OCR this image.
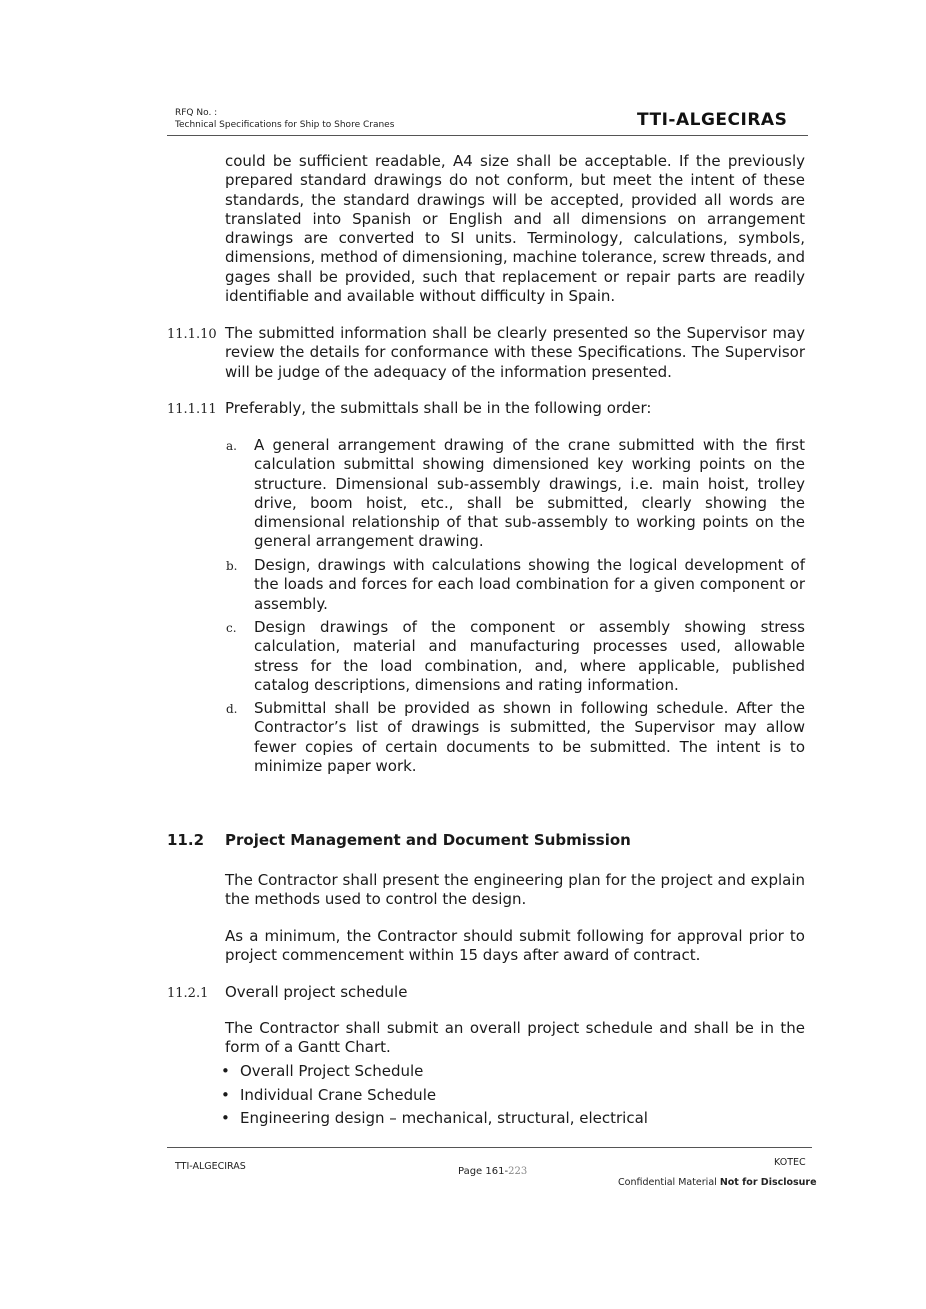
RFQ No. :
Technical Specifications for Ship to Shore Cranes	TTI-ALGECIRAS
could be sufficient readable, A4 size shall be acceptable. If the previously prepared standard drawings do not conform, but meet the intent of these standards, the standard drawings will be accepted, provided all words are translated into Spanish or English and all dimensions on arrangement drawings are converted to SI units. Terminology, calculations, symbols, dimensions, method of dimensioning, machine tolerance, screw threads, and gages shall be provided, such that replacement or repair parts are readily identifiable and available without difficulty in Spain.
11.1.10 The submitted information shall be clearly presented so the Supervisor may review the details for conformance with these Specifications. The Supervisor will be judge of the adequacy of the information presented.
11.1.11 Preferably, the submittals shall be in the following order:
a. A general arrangement drawing of the crane submitted with the first calculation submittal showing dimensioned key working points on the structure. Dimensional sub-assembly drawings, i.e. main hoist, trolley drive, boom hoist, etc., shall be submitted, clearly showing the dimensional relationship of that sub-assembly to working points on the general arrangement drawing.
b. Design, drawings with calculations showing the logical development of the loads and forces for each load combination for a given component or assembly.
c. Design drawings of the component or assembly showing stress calculation, material and manufacturing processes used, allowable stress for the load combination, and, where applicable, published catalog descriptions, dimensions and rating information.
d. Submittal shall be provided as shown in following schedule. After the Contractor’s list of drawings is submitted, the Supervisor may allow fewer copies of certain documents to be submitted. The intent is to minimize paper work.
11.2 Project Management and Document Submission
The Contractor shall present the engineering plan for the project and explain the methods used to control the design.
As a minimum, the Contractor should submit following for approval prior to project commencement within 15 days after award of contract.
11.2.1 Overall project schedule
The Contractor shall submit an overall project schedule and shall be in the form of a Gantt Chart.
• Overall Project Schedule
• Individual Crane Schedule
• Engineering design – mechanical, structural, electrical
TTI-ALGECIRAS	Page 161-223
KOTEC
Confidential Material Not for Disclosure
